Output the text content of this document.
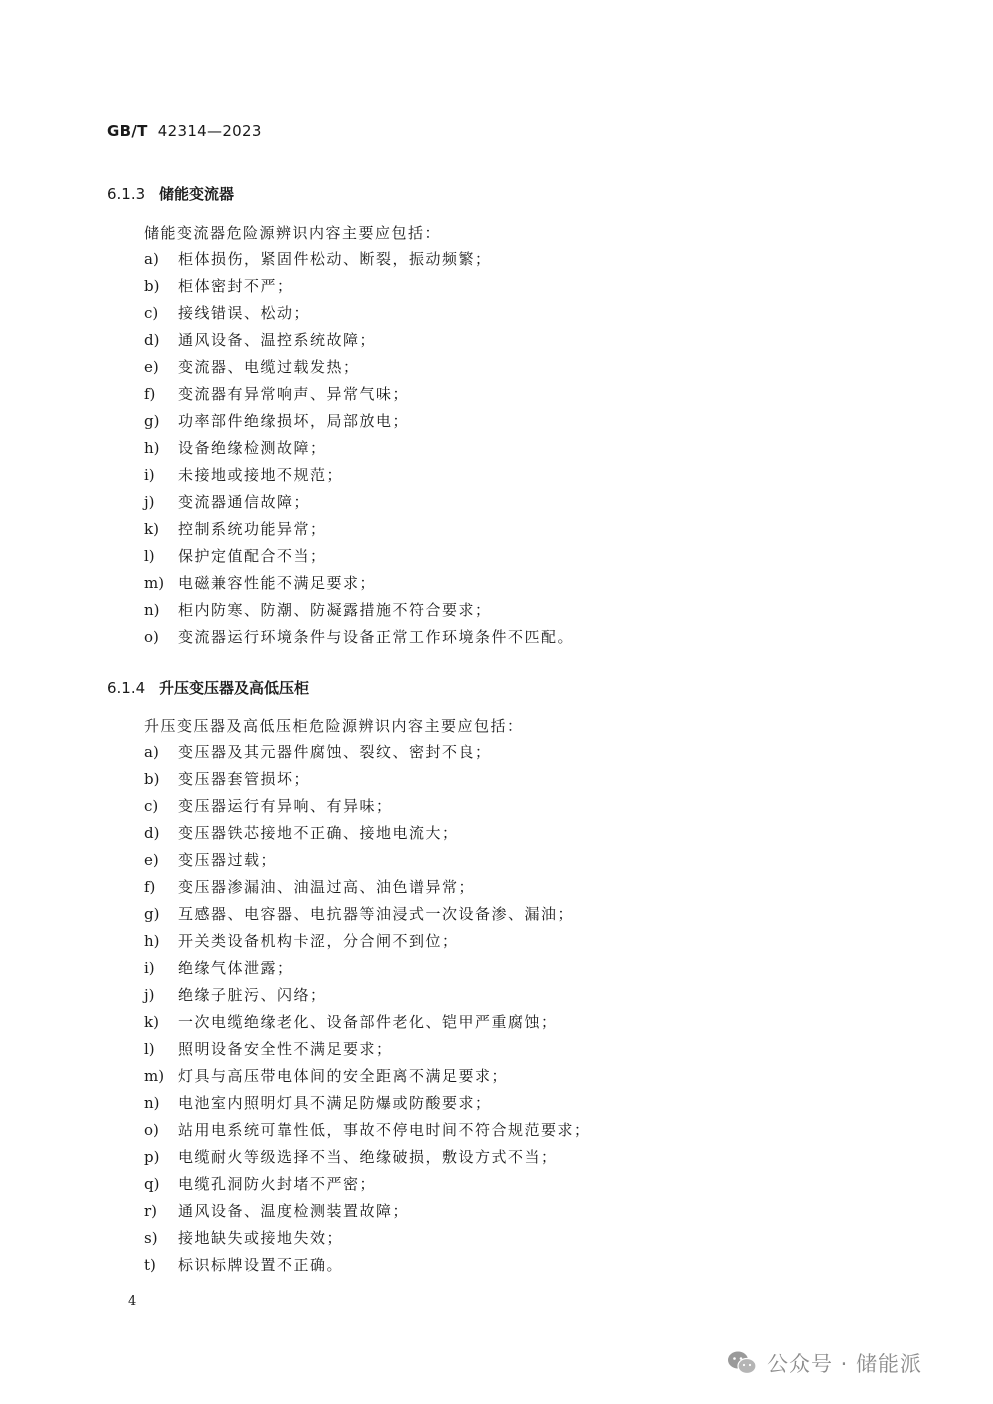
GB/T 42314—2023
6.1.3 储能变流器
储能变流器危险源辨识内容主要应包括：
a) 柜体损伤，紧固件松动、断裂，振动频繁；
b) 柜体密封不严；
c) 接线错误、松动；
d) 通风设备、温控系统故障；
e) 变流器、电缆过载发热；
f) 变流器有异常响声、异常气味；
g) 功率部件绝缘损坏，局部放电；
h) 设备绝缘检测故障；
i) 未接地或接地不规范；
j) 变流器通信故障；
k) 控制系统功能异常；
l) 保护定值配合不当；
m) 电磁兼容性能不满足要求；
n) 柜内防寒、防潮、防凝露措施不符合要求；
o) 变流器运行环境条件与设备正常工作环境条件不匹配。
6.1.4 升压变压器及高低压柜
升压变压器及高低压柜危险源辨识内容主要应包括：
a) 变压器及其元器件腐蚀、裂纹、密封不良；
b) 变压器套管损坏；
c) 变压器运行有异响、有异味；
d) 变压器铁芯接地不正确、接地电流大；
e) 变压器过载；
f) 变压器渗漏油、油温过高、油色谱异常；
g) 互感器、电容器、电抗器等油浸式一次设备渗、漏油；
h) 开关类设备机构卡涩，分合闸不到位；
i) 绝缘气体泄露；
j) 绝缘子脏污、闪络；
k) 一次电缆绝缘老化、设备部件老化、铠甲严重腐蚀；
l) 照明设备安全性不满足要求；
m) 灯具与高压带电体间的安全距离不满足要求；
n) 电池室内照明灯具不满足防爆或防酸要求；
o) 站用电系统可靠性低，事故不停电时间不符合规范要求；
p) 电缆耐火等级选择不当、绝缘破损，敷设方式不当；
q) 电缆孔洞防火封堵不严密；
r) 通风设备、温度检测装置故障；
s) 接地缺失或接地失效；
t) 标识标牌设置不正确。
4
公众号 · 储能派
